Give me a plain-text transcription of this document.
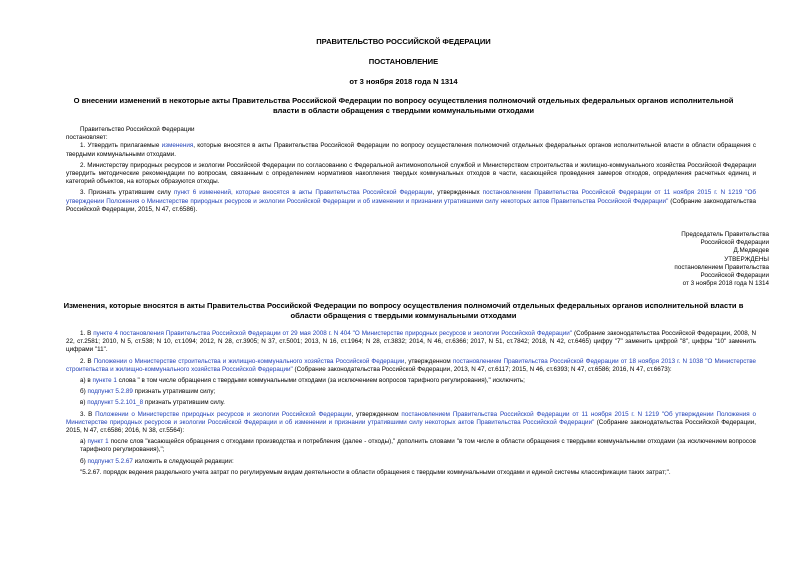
ПРАВИТЕЛЬСТВО РОССИЙСКОЙ ФЕДЕРАЦИИ
ПОСТАНОВЛЕНИЕ
от 3 ноября 2018 года N 1314
О внесении изменений в некоторые акты Правительства Российской Федерации по вопросу осуществления полномочий отдельных федеральных органов исполнительной власти в области обращения с твердыми коммунальными отходами

Правительство Российской Федерации

постановляет:

1. Утвердить прилагаемые изменения, которые вносятся в акты Правительства Российской Федерации по вопросу осуществления полномочий отдельных федеральных органов исполнительной власти в области обращения с твердыми коммунальными отходами.

2. Министерству природных ресурсов и экологии Российской Федерации по согласованию с Федеральной антимонопольной службой и Министерством строительства и жилищно-коммунального хозяйства Российской Федерации утвердить методические рекомендации по вопросам, связанным с определением нормативов накопления твердых коммунальных отходов в части, касающейся проведения замеров отходов, определения расчетных единиц и категорий объектов, на которых образуются отходы.

3. Признать утратившим силу пункт 6 изменений, которые вносятся в акты Правительства Российской Федерации, утвержденных постановлением Правительства Российской Федерации от 11 ноября 2015 г. N 1219 "Об утверждении Положения о Министерстве природных ресурсов и экологии Российской Федерации и об изменении и признании утратившими силу некоторых актов Правительства Российской Федерации" (Собрание законодательства Российской Федерации, 2015, N 47, ст.6586).

Председатель Правительства
Российской Федерации
Д.Медведев
УТВЕРЖДЕНЫ
постановлением Правительства
Российской Федерации
от 3 ноября 2018 года N 1314
Изменения, которые вносятся в акты Правительства Российской Федерации по вопросу осуществления полномочий отдельных федеральных органов исполнительной власти в области обращения с твердыми коммунальными отходами

1. В пункте 4 постановления Правительства Российской Федерации от 29 мая 2008 г. N 404 "О Министерстве природных ресурсов и экологии Российской Федерации" (Собрание законодательства Российской Федерации, 2008, N 22, ст.2581; 2010, N 5, ст.538; N 10, ст.1094; 2012, N 28, ст.3905; N 37, ст.5001; 2013, N 16, ст.1964; N 28, ст.3832; 2014, N 46, ст.6366; 2017, N 51, ст.7842; 2018, N 42, ст.6465) цифру "7" заменить цифрой "8", цифры "10" заменить цифрами "11".

2. В Положении о Министерстве строительства и жилищно-коммунального хозяйства Российской Федерации, утвержденном постановлением Правительства Российской Федерации от 18 ноября 2013 г. N 1038 "О Министерстве строительства и жилищно-коммунального хозяйства Российской Федерации" (Собрание законодательства Российской Федерации, 2013, N 47, ст.6117; 2015, N 46, ст.6393; N 47, ст.6586; 2016, N 47, ст.6673):

а) в пункте 1 слова " в том числе обращения с твердыми коммунальными отходами (за исключением вопросов тарифного регулирования)," исключить;

б) подпункт 5.2.89 признать утратившим силу;

в) подпункт 5.2.101_8 признать утратившим силу.

3. В Положении о Министерстве природных ресурсов и экологии Российской Федерации, утвержденном постановлением Правительства Российской Федерации от 11 ноября 2015 г. N 1219 "Об утверждении Положения о Министерстве природных ресурсов и экологии Российской Федерации и об изменении и признании утратившими силу некоторых актов Правительства Российской Федерации" (Собрание законодательства Российской Федерации, 2015, N 47, ст.6586; 2016, N 38, ст.5564):

а) пункт 1 после слов "касающейся обращения с отходами производства и потребления (далее - отходы)," дополнить словами "в том числе в области обращения с твердыми коммунальными отходами (за исключением вопросов тарифного регулирования),";

б) подпункт 5.2.67 изложить в следующей редакции:

"5.2.67. порядок ведения раздельного учета затрат по регулируемым видам деятельности в области обращения с твердыми коммунальными отходами и единой системы классификации таких затрат;".
